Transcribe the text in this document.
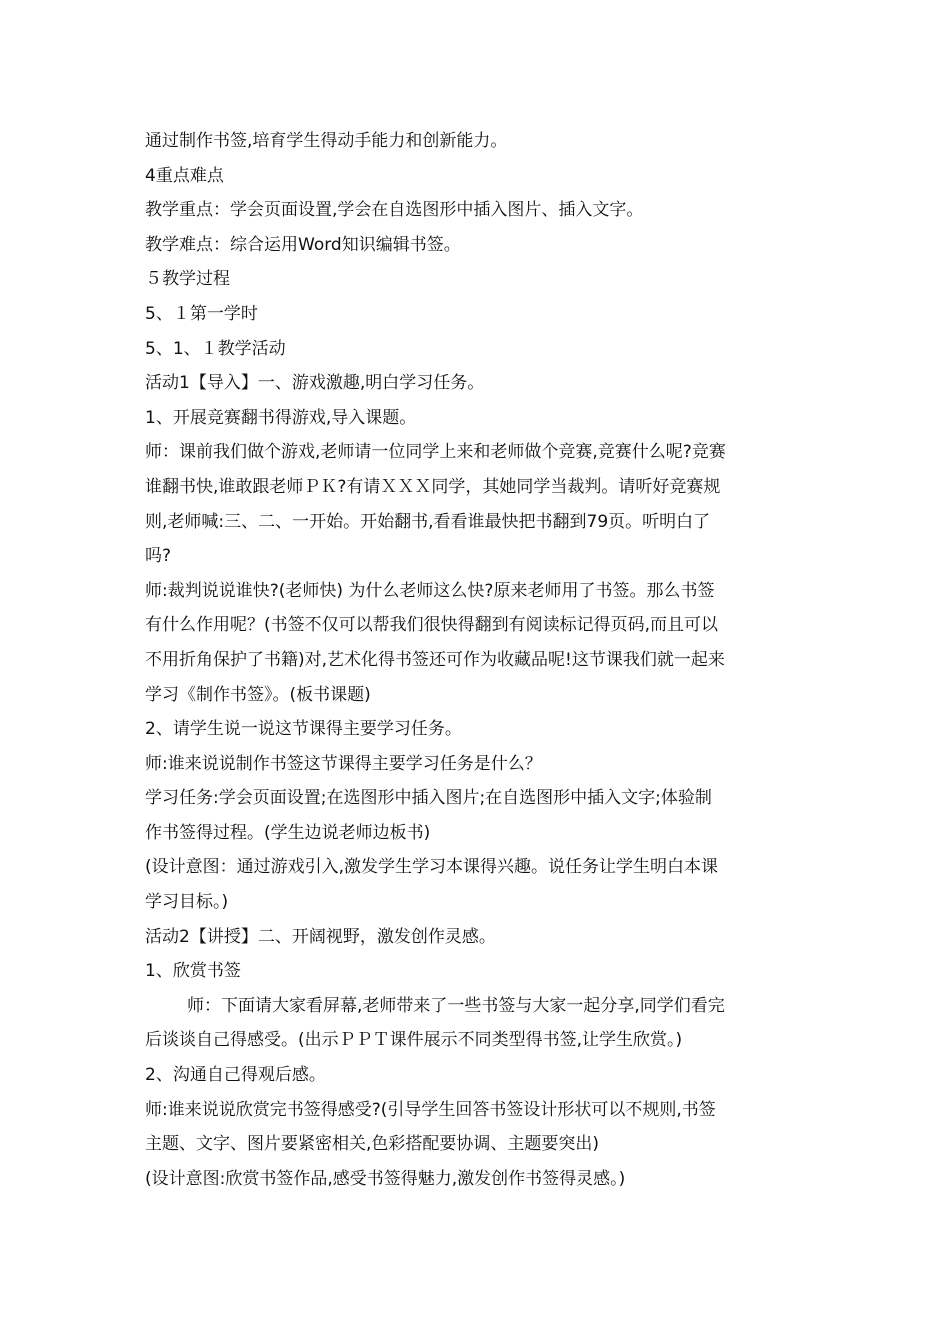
通过制作书签,培育学生得动手能力和创新能力。
4重点难点
教学重点：学会页面设置,学会在自选图形中插入图片、插入文字。
教学难点：综合运用Word知识编辑书签。
５教学过程
5、１第一学时
5、1、１教学活动
活动1【导入】一、游戏激趣,明白学习任务。
1、开展竞赛翻书得游戏,导入课题。
师：课前我们做个游戏,老师请一位同学上来和老师做个竞赛,竞赛什么呢?竞赛
谁翻书快,谁敢跟老师ＰＫ?有请ＸＸＸ同学，其她同学当裁判。请听好竞赛规
则,老师喊:三、二、一开始。开始翻书,看看谁最快把书翻到79页。听明白了
吗?
师:裁判说说谁快?(老师快) 为什么老师这么快?原来老师用了书签。那么书签
有什么作用呢？(书签不仅可以帮我们很快得翻到有阅读标记得页码,而且可以
不用折角保护了书籍)对,艺术化得书签还可作为收藏品呢!这节课我们就一起来
学习《制作书签》。(板书课题)
2、请学生说一说这节课得主要学习任务。
师:谁来说说制作书签这节课得主要学习任务是什么？
学习任务:学会页面设置;在选图形中插入图片;在自选图形中插入文字;体验制
作书签得过程。(学生边说老师边板书)
(设计意图：通过游戏引入,激发学生学习本课得兴趣。说任务让学生明白本课
学习目标。)
活动2【讲授】二、开阔视野，激发创作灵感。
1、欣赏书签
师：下面请大家看屏幕,老师带来了一些书签与大家一起分享,同学们看完
后谈谈自己得感受。(出示ＰＰＴ课件展示不同类型得书签,让学生欣赏。)
2、沟通自己得观后感。
师:谁来说说欣赏完书签得感受?(引导学生回答书签设计形状可以不规则,书签
主题、文字、图片要紧密相关,色彩搭配要协调、主题要突出)
(设计意图:欣赏书签作品,感受书签得魅力,激发创作书签得灵感。)
